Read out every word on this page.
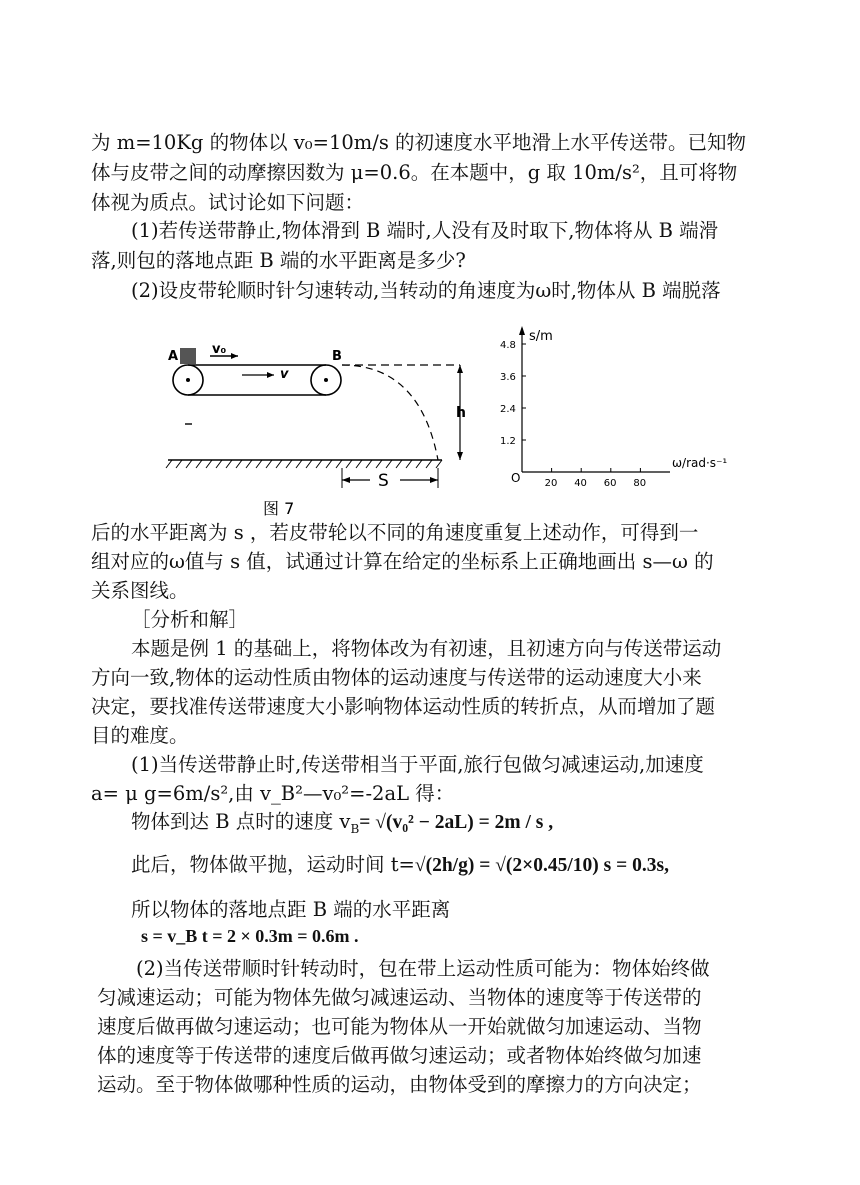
为 m=10Kg 的物体以 v₀=10m/s 的初速度水平地滑上水平传送带。已知物
体与皮带之间的动摩擦因数为 μ=0.6。在本题中，g 取 10m/s²，且可将物
体视为质点。试讨论如下问题：
(1)若传送带静止,物体滑到 B 端时,人没有及时取下,物体将从 B 端滑
落,则包的落地点距 B 端的水平距离是多少?
(2)设皮带轮顺时针匀速转动,当转动的角速度为ω时,物体从 B 端脱落
A	v₀	B
v
h
S
图 7
s/m
ω/rad·s⁻¹
O
1.2
2.4
3.6
4.8
20 40 60 80
后的水平距离为 s ，若皮带轮以不同的角速度重复上述动作，可得到一
组对应的ω值与 s 值，试通过计算在给定的坐标系上正确地画出 s—ω 的
关系图线。
［分析和解］
本题是例 1 的基础上，将物体改为有初速，且初速方向与传送带运动
方向一致,物体的运动性质由物体的运动速度与传送带的运动速度大小来
决定，要找准传送带速度大小影响物体运动性质的转折点，从而增加了题
目的难度。
(1)当传送带静止时,传送带相当于平面,旅行包做匀减速运动,加速度
a= μ g=6m/s²,由 v_B²—v₀²=-2aL 得：
物体到达 B 点时的速度 $v_B= √(v_0^2 - 2aL) = 2m / s$ ,
此后，物体做平抛，运动时间 t=√(2h/g) = √(2×0.45/10) s = 0.3s,
所以物体的落地点距 B 端的水平距离
s = v_B t = 2 × 0.3m = 0.6m .
(2)当传送带顺时针转动时，包在带上运动性质可能为：物体始终做
匀减速运动；可能为物体先做匀减速运动、当物体的速度等于传送带的
速度后做再做匀速运动；也可能为物体从一开始就做匀加速运动、当物
体的速度等于传送带的速度后做再做匀速运动；或者物体始终做匀加速
运动。至于物体做哪种性质的运动，由物体受到的摩擦力的方向决定；
